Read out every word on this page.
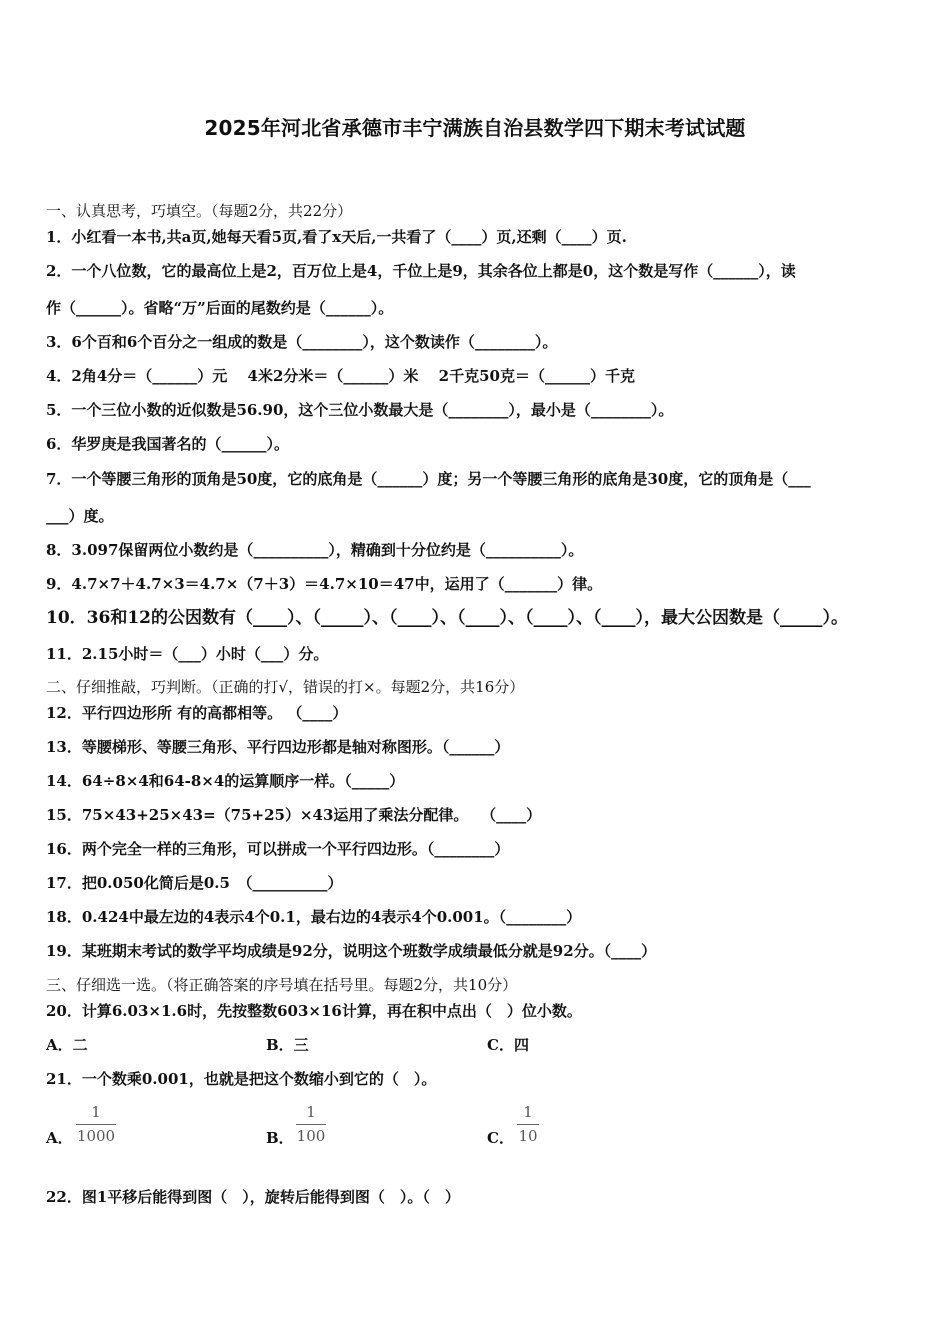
2025年河北省承德市丰宁满族自治县数学四下期末考试试题
一、认真思考，巧填空。（每题2分，共22分）
1．小红看一本书,共a页,她每天看5页,看了x天后,一共看了（____）页,还剩（____）页.
2．一个八位数，它的最高位上是2，百万位上是4，千位上是9，其余各位上都是0，这个数是写作（______），读
作（______）。省略“万”后面的尾数约是（______）。
3．6个百和6个百分之一组成的数是（________），这个数读作（________）。
4．2角4分＝（______）元　 4米2分米＝（______）米　 2千克50克＝（______）千克
5．一个三位小数的近似数是56.90，这个三位小数最大是（________），最小是（________）。
6．华罗庚是我国著名的（______）。
7．一个等腰三角形的顶角是50度，它的底角是（______）度；另一个等腰三角形的底角是30度，它的顶角是（___
___）度。
8．3.097保留两位小数约是（__________），精确到十分位约是（__________）。
9．4.7×7＋4.7×3＝4.7×（7＋3）＝4.7×10＝47中，运用了（_______）律。
10．36和12的公因数有（____）、（_____）、（____）、（____）、（____）、（____），最大公因数是（_____）。
11．2.15小时＝（___）小时（___）分。
二、仔细推敲，巧判断。（正确的打√，错误的打×。每题2分，共16分）
12．平行四边形所 有的高都相等。 （____）
13．等腰梯形、等腰三角形、平行四边形都是轴对称图形。（______）
14．64÷8×4和64-8×4的运算顺序一样。（_____）
15．75×43+25×43=（75+25）×43运用了乘法分配律。　 （____）
16．两个完全一样的三角形，可以拼成一个平行四边形。（________）
17．把0.050化简后是0.5　（__________）
18．0.424中最左边的4表示4个0.1，最右边的4表示4个0.001。（________）
19．某班期末考试的数学平均成绩是92分，说明这个班数学成绩最低分就是92分。（____）
三、仔细选一选。（将正确答案的序号填在括号里。每题2分，共10分）
20．计算6.03×1.6时，先按整数603×16计算，再在积中点出（　）位小数。
A．二	B．三	C．四
21．一个数乘0.001，也就是把这个数缩小到它的（　）。
A．
1
1000	B．
1
100	C．
1
10
22．图1平移后能得到图（　），旋转后能得到图（　）。（　）
